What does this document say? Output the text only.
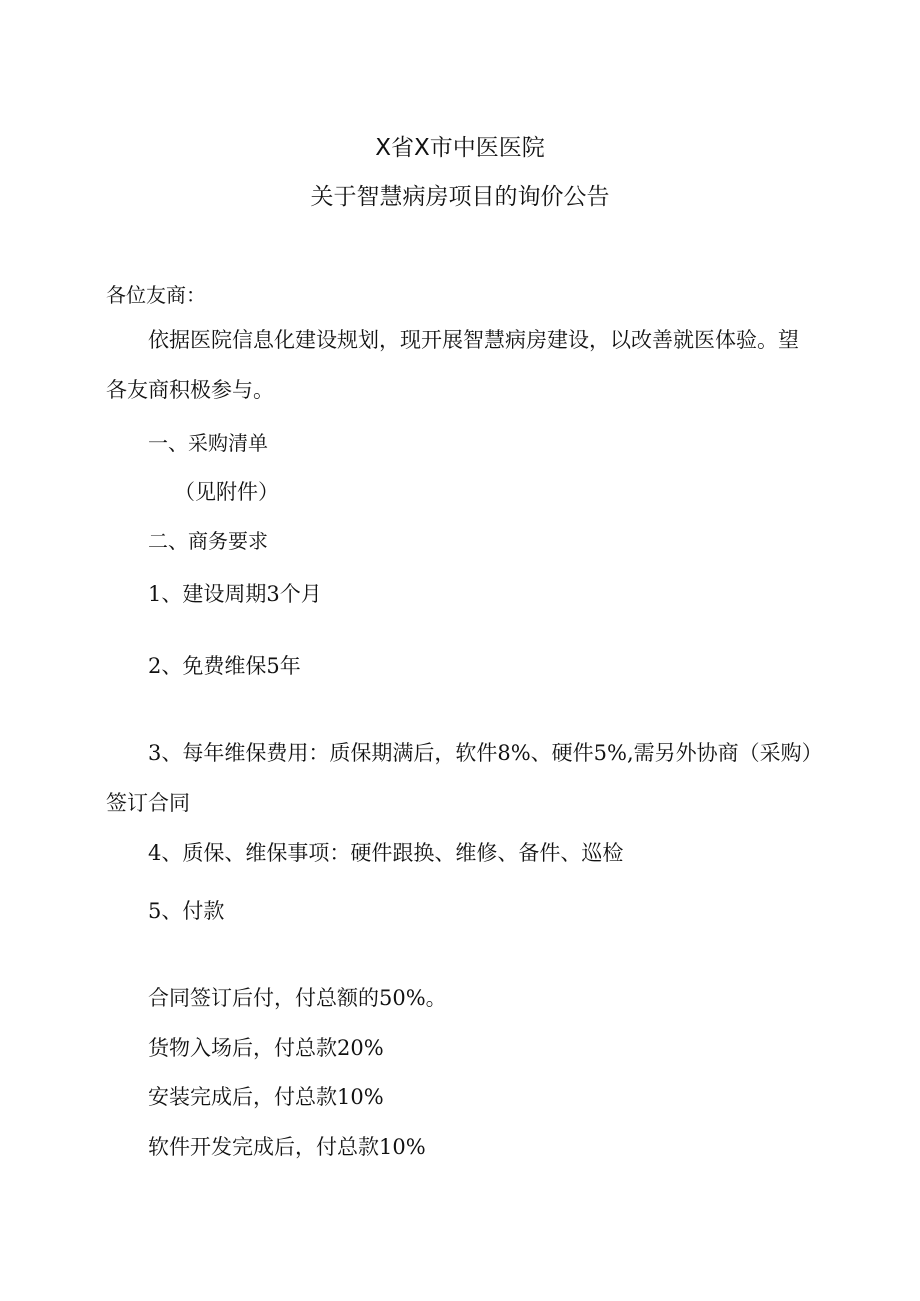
X省X市中医医院
关于智慧病房项目的询价公告
各位友商：
依据医院信息化建设规划，现开展智慧病房建设，以改善就医体验。望
各友商积极参与。
一、采购清单
（见附件）
二、商务要求
1、建设周期3个月
2、免费维保5年
3、每年维保费用：质保期满后，软件8%、硬件5%,需另外协商（采购）
签订合同
4、质保、维保事项：硬件跟换、维修、备件、巡检
5、付款
合同签订后付，付总额的50%。
货物入场后，付总款20%
安装完成后，付总款10%
软件开发完成后，付总款10%
